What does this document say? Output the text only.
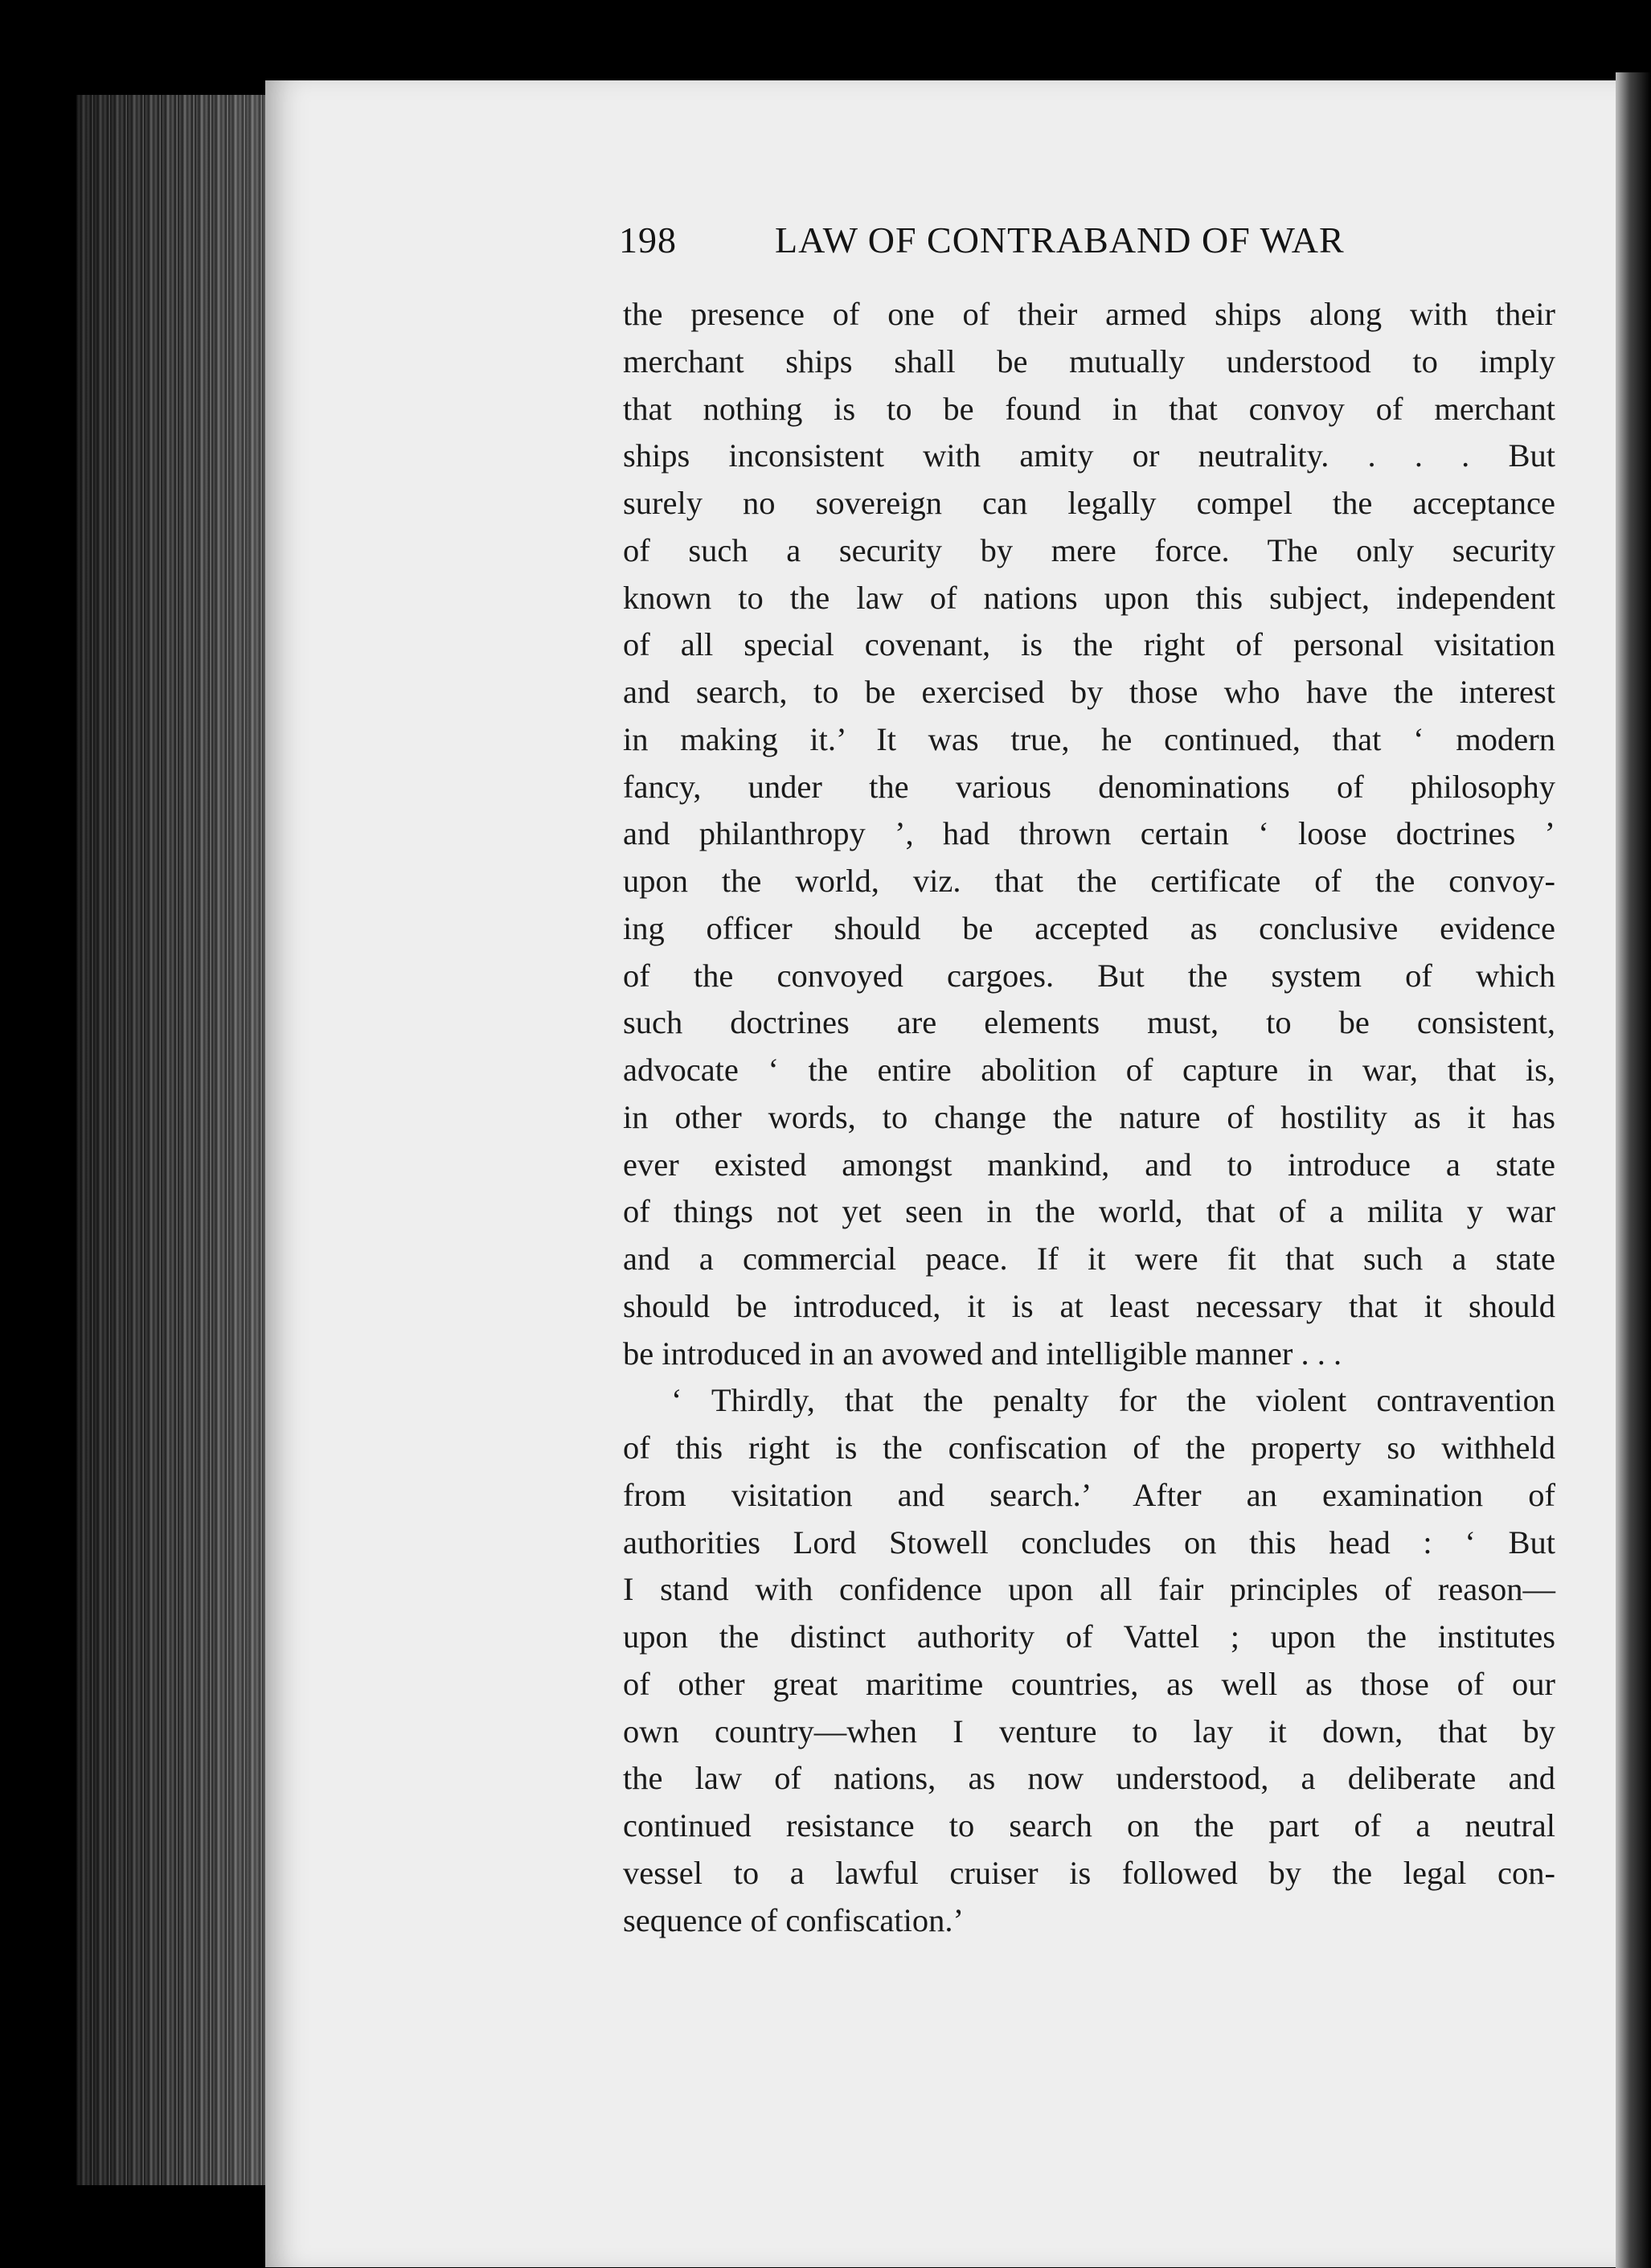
198	LAW OF CONTRABAND OF WAR
the presence of one of their armed ships along with their
merchant ships shall be mutually understood to imply
that nothing is to be found in that convoy of merchant
ships inconsistent with amity or neutrality. . . . But
surely no sovereign can legally compel the acceptance
of such a security by mere force. The only security
known to the law of nations upon this subject, independent
of all special covenant, is the right of personal visitation
and search, to be exercised by those who have the interest
in making it.’ It was true, he continued, that ‘ modern
fancy, under the various denominations of philosophy
and philanthropy ’, had thrown certain ‘ loose doctrines ’
upon the world, viz. that the certificate of the convoy-
ing officer should be accepted as conclusive evidence
of the convoyed cargoes. But the system of which
such doctrines are elements must, to be consistent,
advocate ‘ the entire abolition of capture in war, that is,
in other words, to change the nature of hostility as it has
ever existed amongst mankind, and to introduce a state
of things not yet seen in the world, that of a milita y war
and a commercial peace. If it were fit that such a state
should be introduced, it is at least necessary that it should
be introduced in an avowed and intelligible manner . . .
‘ Thirdly, that the penalty for the violent contravention
of this right is the confiscation of the property so withheld
from visitation and search.’ After an examination of
authorities Lord Stowell concludes on this head : ‘ But
I stand with confidence upon all fair principles of reason—
upon the distinct authority of Vattel ; upon the institutes
of other great maritime countries, as well as those of our
own country—when I venture to lay it down, that by
the law of nations, as now understood, a deliberate and
continued resistance to search on the part of a neutral
vessel to a lawful cruiser is followed by the legal con-
sequence of confiscation.’
